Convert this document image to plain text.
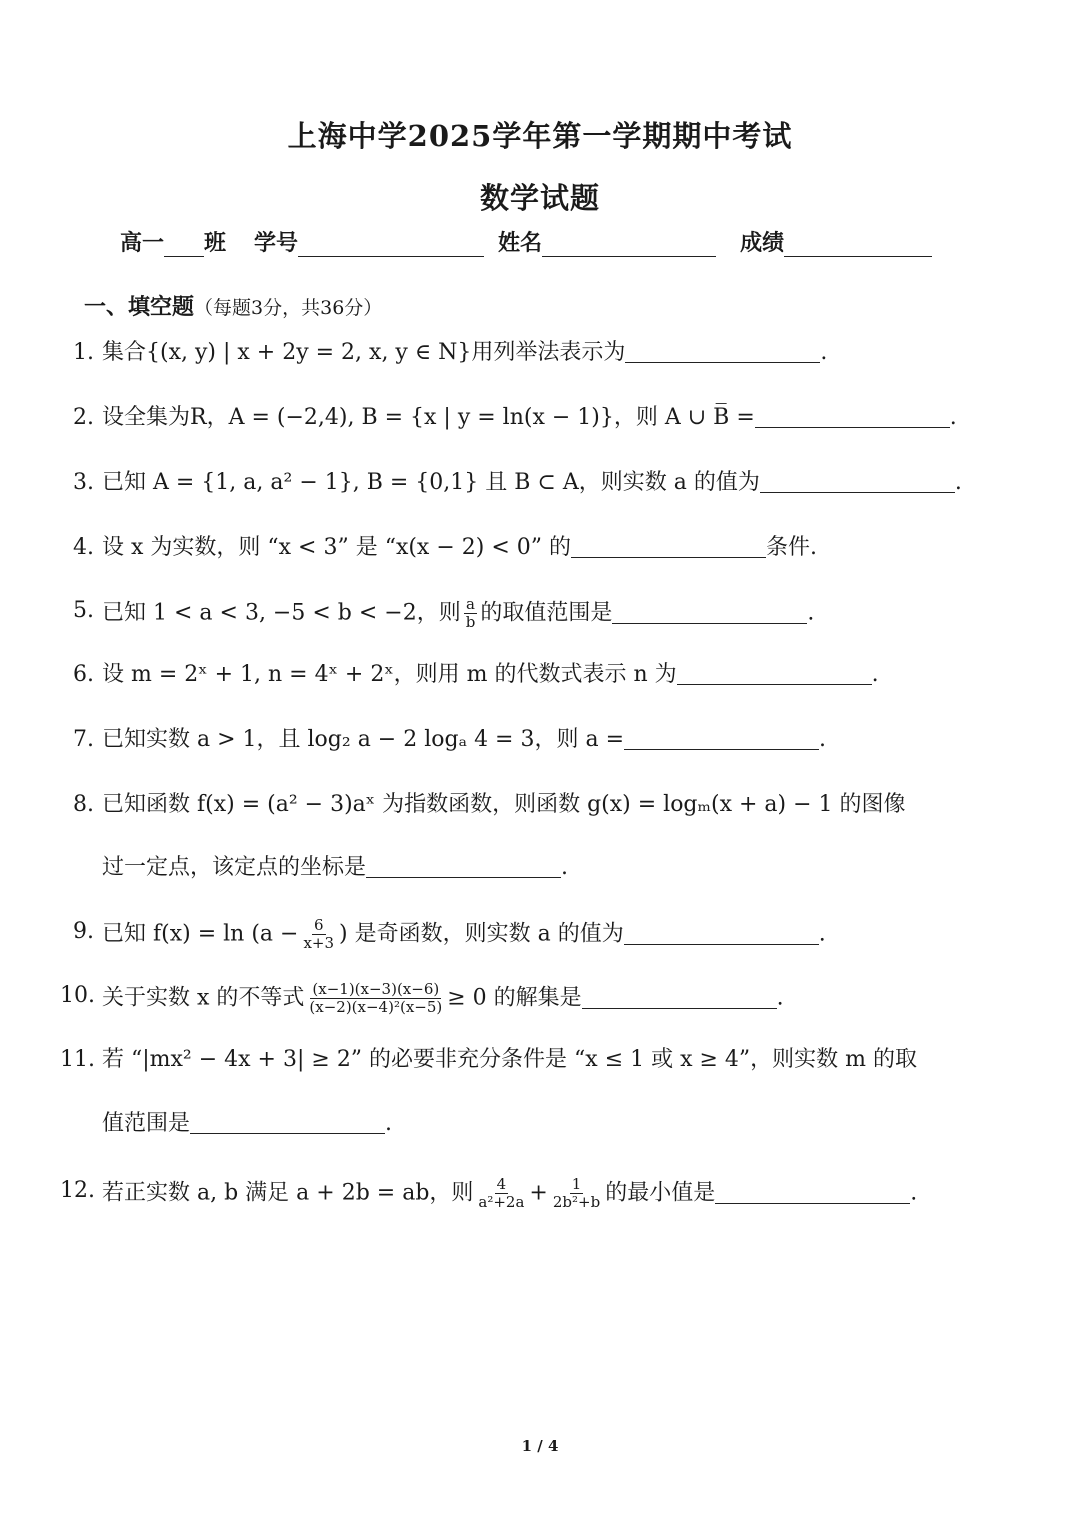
上海中学2025学年第一学期期中考试
数学试题
高一 班 学号	姓名	成绩
一、填空题（每题3分，共36分）
1. 集合{(x, y) | x + 2y = 2, x, y ∈ N}用列举法表示为	.
2. 设全集为R，A = (−2,4), B = {x | y = ln(x − 1)}，则 A ∪ B̅ =	.
3. 已知 A = {1, a, a² − 1}, B = {0,1} 且 B ⊂ A，则实数 a 的值为	.
4. 设 x 为实数，则 “x < 3” 是 “x(x − 2) < 0” 的	条件.
5. 已知 1 < a < 3, −5 < b < −2，则 $\frac{a}{b}$ 的取值范围是	.
6. 设 m = 2ˣ + 1, n = 4ˣ + 2ˣ，则用 m 的代数式表示 n 为	.
7. 已知实数 a > 1，且 log₂ a − 2 logₐ 4 = 3，则 a =	.
8. 已知函数 f(x) = (a² − 3)aˣ 为指数函数，则函数 g(x) = logₘ(x + a) − 1 的图像
过一定点，该定点的坐标是	.
9. 已知 $f(x) = \ln (a - \frac{6}{x+3}$ ) 是奇函数，则实数 a 的值为	.
10. 关于实数 x 的不等式 $\frac{(x-1)(x-3)(x-6)}{\text{(x−2)(x−4)²(x−5)}} \ge 0$ 的解集是	.
11. 若 “|mx² − 4x + 3| ≥ 2” 的必要非充分条件是 “x ≤ 1 或 x ≥ 4”，则实数 m 的取
值范围是	.
12. 若正实数 a, b 满足 a + 2b = ab，则 $\frac{4}{\text{a²+2a}} + \frac{1}{\text{2b²+b}}$ 的最小值是	.
1 / 4
